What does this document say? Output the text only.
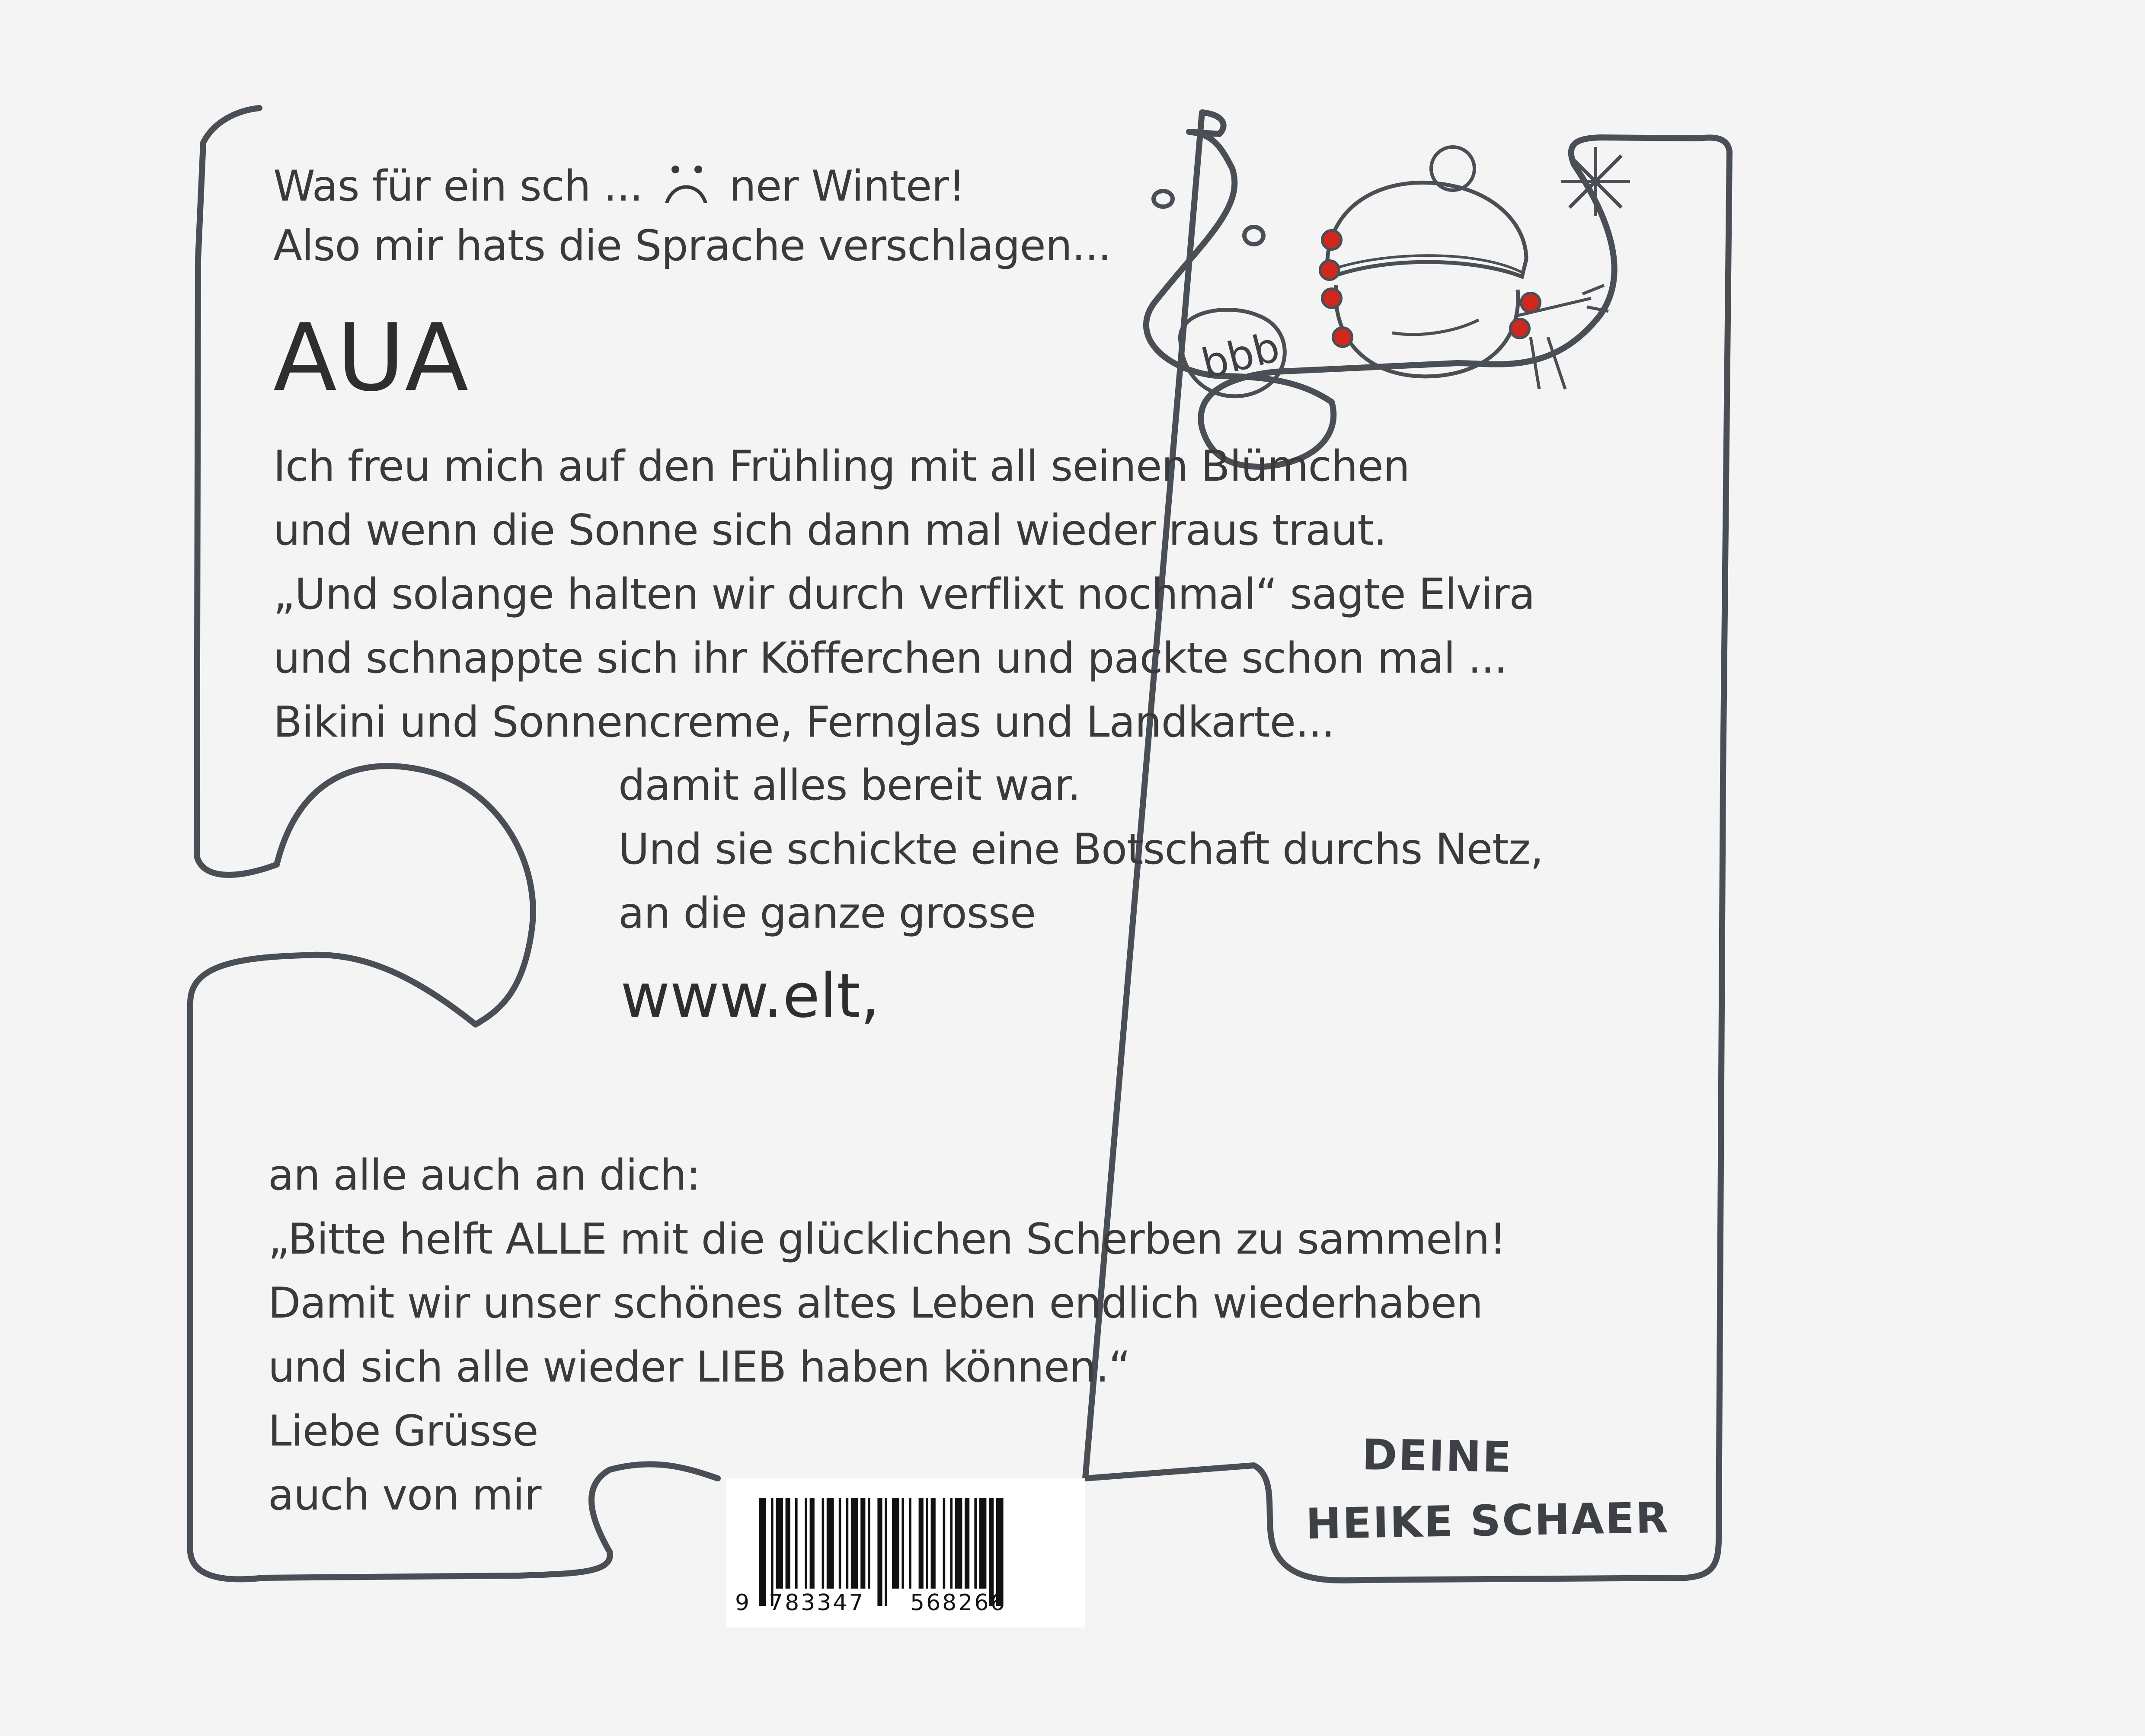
bbb

Was für ein sch ... ner Winter!

Also mir hats die Sprache verschlagen...

AUA

Ich freu mich auf den Frühling mit all seinen Blümchen

und wenn die Sonne sich dann mal wieder raus traut.

„Und solange halten wir durch verflixt nochmal“ sagte Elvira

und schnappte sich ihr Köfferchen und packte schon mal ...

Bikini und Sonnencreme, Fernglas und Landkarte...

damit alles bereit war.

Und sie schickte eine Botschaft durchs Netz,

an die ganze grosse

www.elt,

an alle auch an dich:

„Bitte helft ALLE mit die glücklichen Scherben zu sammeln!

Damit wir unser schönes altes Leben endlich wiederhaben

und sich alle wieder LIEB haben können.“

Liebe Grüsse

auch von mir

DEINE
HEIKE SCHAER
9 783347 568266
